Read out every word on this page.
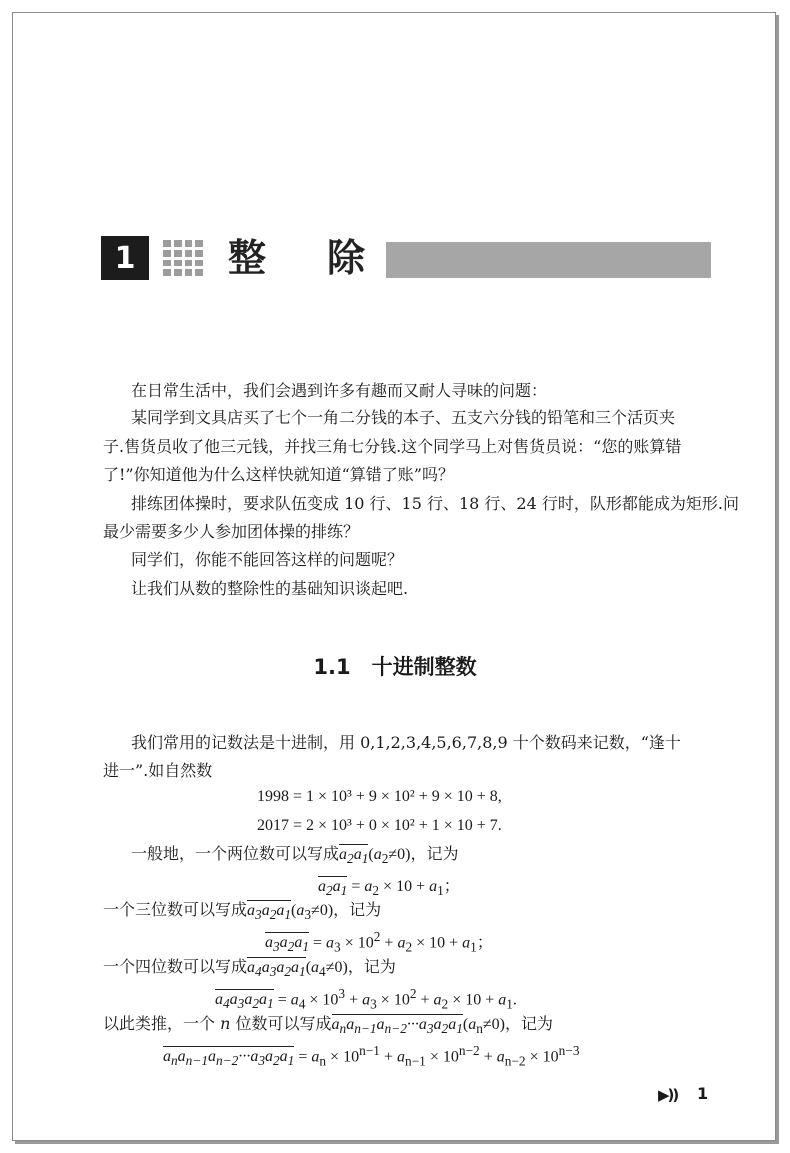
1	整 除
在日常生活中，我们会遇到许多有趣而又耐人寻味的问题：
某同学到文具店买了七个一角二分钱的本子、五支六分钱的铅笔和三个活页夹
子.售货员收了他三元钱，并找三角七分钱.这个同学马上对售货员说：“您的账算错
了!”你知道他为什么这样快就知道“算错了账”吗？
排练团体操时，要求队伍变成 10 行、15 行、18 行、24 行时，队形都能成为矩形.问
最少需要多少人参加团体操的排练？
同学们，你能不能回答这样的问题呢？
让我们从数的整除性的基础知识谈起吧.
1.1　十进制整数
我们常用的记数法是十进制，用 0,1,2,3,4,5,6,7,8,9 十个数码来记数，“逢十
进一”.如自然数
1998 = 1 × 10³ + 9 × 10² + 9 × 10 + 8,
2017 = 2 × 10³ + 0 × 10² + 1 × 10 + 7.
一般地，一个两位数可以写成$a_2a_1(a_2\ne 0)$，记为
$a_2a_1 = a_2 \times 10 + a_1$；
一个三位数可以写成$a_3a_2a_1(a_3\ne 0)$，记为
$a_3a_2a_1 = a_3 \times 10^2 + a_2 \times 10 + a_1$；
一个四位数可以写成$a_4a_3a_2a_1(a_4\ne 0)$，记为
$a_4a_3a_2a_1 = a_4 \times 10^3 + a_3 \times 10^2 + a_2 \times 10 + a_1$.
以此类推，一个 n 位数可以写成$a_na_{n-1}a_{n-2}\cdot\cdot\cdot a_3a_2a_1(a_n\ne 0)$，记为
$a_na_{n-1}a_{n-2}\cdot\cdot\cdot a_3a_2a_1 = a_n \times 10^{n-1} + a_{n-1} \times 10^{n-2} + a_{n-2} \times 10^{n-3}$
▶)) 1
